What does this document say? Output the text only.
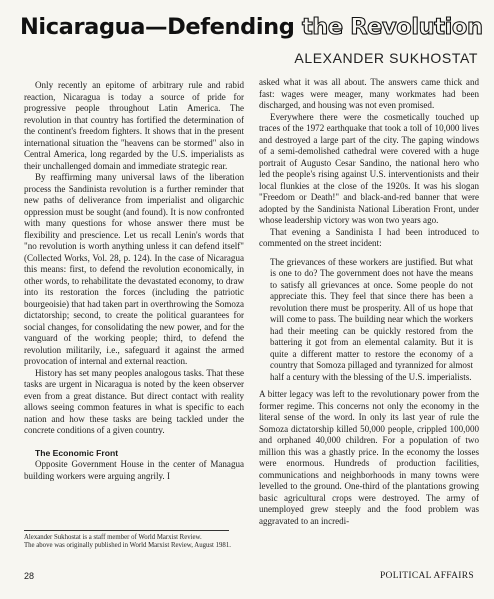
Nicaragua—Defending the Revolution
ALEXANDER SUKHOSTAT

Only recently an epitome of arbitrary rule and rabid reaction, Nicaragua is today a source of pride for progressive people throughout Latin America. The revolution in that country has fortified the determination of the continent's freedom fighters. It shows that in the present international situation the "heavens can be stormed" also in Central America, long regarded by the U.S. imperialists as their unchallenged domain and immediate strategic rear.

By reaffirming many universal laws of the liberation process the Sandinista revolution is a further reminder that new paths of deliverance from imperialist and oligarchic oppression must be sought (and found). It is now confronted with many questions for whose answer there must be flexibility and prescience. Let us recall Lenin's words that "no revolution is worth anything unless it can defend itself" (Collected Works, Vol. 28, p. 124). In the case of Nicaragua this means: first, to defend the revolution economically, in other words, to rehabilitate the devastated economy, to draw into its restoration the forces (including the patriotic bourgeoisie) that had taken part in overthrowing the Somoza dictatorship; second, to create the political guarantees for social changes, for consolidating the new power, and for the vanguard of the working people; third, to defend the revolution militarily, i.e., safeguard it against the armed provocation of internal and external reaction.

History has set many peoples analogous tasks. That these tasks are urgent in Nicaragua is noted by the keen observer even from a great distance. But direct contact with reality allows seeing common features in what is specific to each nation and how these tasks are being tackled under the concrete conditions of a given country.

The Economic Front

Opposite Government House in the center of Managua building workers were arguing angrily. I

asked what it was all about. The answers came thick and fast: wages were meager, many workmates had been discharged, and housing was not even promised.

Everywhere there were the cosmetically touched up traces of the 1972 earthquake that took a toll of 10,000 lives and destroyed a large part of the city. The gaping windows of a semi-demolished cathedral were covered with a huge portrait of Augusto Cesar Sandino, the national hero who led the people's rising against U.S. interventionists and their local flunkies at the close of the 1920s. It was his slogan "Freedom or Death!" and black-and-red banner that were adopted by the Sandinista National Liberation Front, under whose leadership victory was won two years ago.

That evening a Sandinista I had been introduced to commented on the street incident:

The grievances of these workers are justified. But what is one to do? The government does not have the means to satisfy all grievances at once. Some people do not appreciate this. They feel that since there has been a revolution there must be prosperity. All of us hope that will come to pass. The building near which the workers had their meeting can be quickly restored from the battering it got from an elemental calamity. But it is quite a different matter to restore the economy of a country that Somoza pillaged and tyrannized for almost half a century with the blessing of the U.S. imperialists.

A bitter legacy was left to the revolutionary power from the former regime. This concerns not only the economy in the literal sense of the word. In only its last year of rule the Somoza dictatorship killed 50,000 people, crippled 100,000 and orphaned 40,000 children. For a population of two million this was a ghastly price. In the economy the losses were enormous. Hundreds of production facilities, communications and neighborhoods in many towns were levelled to the ground. One-third of the plantations growing basic agricultural crops were destroyed. The army of unemployed grew steeply and the food problem was aggravated to an incredi-

Alexander Sukhostat is a staff member of World Marxist Review.
The above was originally published in World Marxist Review, August 1981.
28	POLITICAL AFFAIRS
